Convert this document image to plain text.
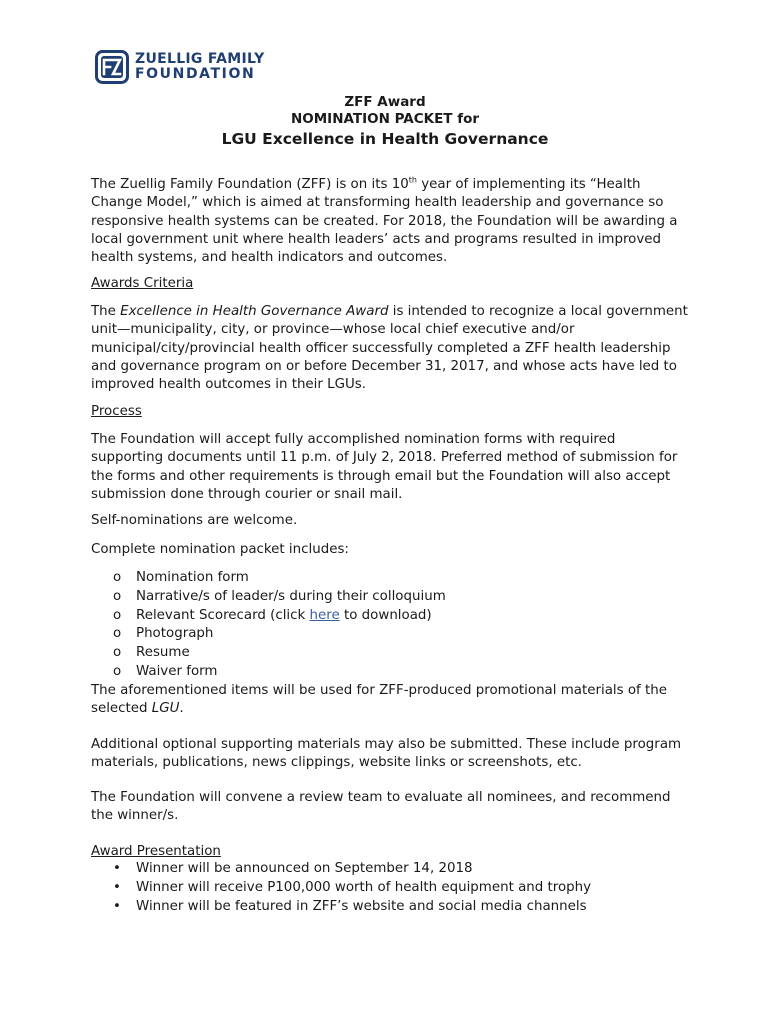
ZUELLIG FAMILY
FOUNDATION
ZFF Award
NOMINATION PACKET for
LGU Excellence in Health Governance

The Zuellig Family Foundation (ZFF) is on its 10th year of implementing its “Health Change Model,” which is aimed at transforming health leadership and governance so responsive health systems can be created. For 2018, the Foundation will be awarding a local government unit where health leaders’ acts and programs resulted in improved health systems, and health indicators and outcomes.

Awards Criteria

The Excellence in Health Governance Award is intended to recognize a local government unit—municipality, city, or province—whose local chief executive and/or municipal/city/provincial health officer successfully completed a ZFF health leadership and governance program on or before December 31, 2017, and whose acts have led to improved health outcomes in their LGUs.

Process

The Foundation will accept fully accomplished nomination forms with required supporting documents until 11 p.m. of July 2, 2018. Preferred method of submission for the forms and other requirements is through email but the Foundation will also accept submission done through courier or snail mail.

Self-nominations are welcome.

Complete nomination packet includes:

o Nomination form
o Narrative/s of leader/s during their colloquium
o Relevant Scorecard (click here to download)
o Photograph
o Resume
o Waiver form

The aforementioned items will be used for ZFF-produced promotional materials of the selected LGU.

Additional optional supporting materials may also be submitted. These include program materials, publications, news clippings, website links or screenshots, etc.

The Foundation will convene a review team to evaluate all nominees, and recommend the winner/s.

Award Presentation

• Winner will be announced on September 14, 2018
• Winner will receive P100,000 worth of health equipment and trophy
• Winner will be featured in ZFF’s website and social media channels
